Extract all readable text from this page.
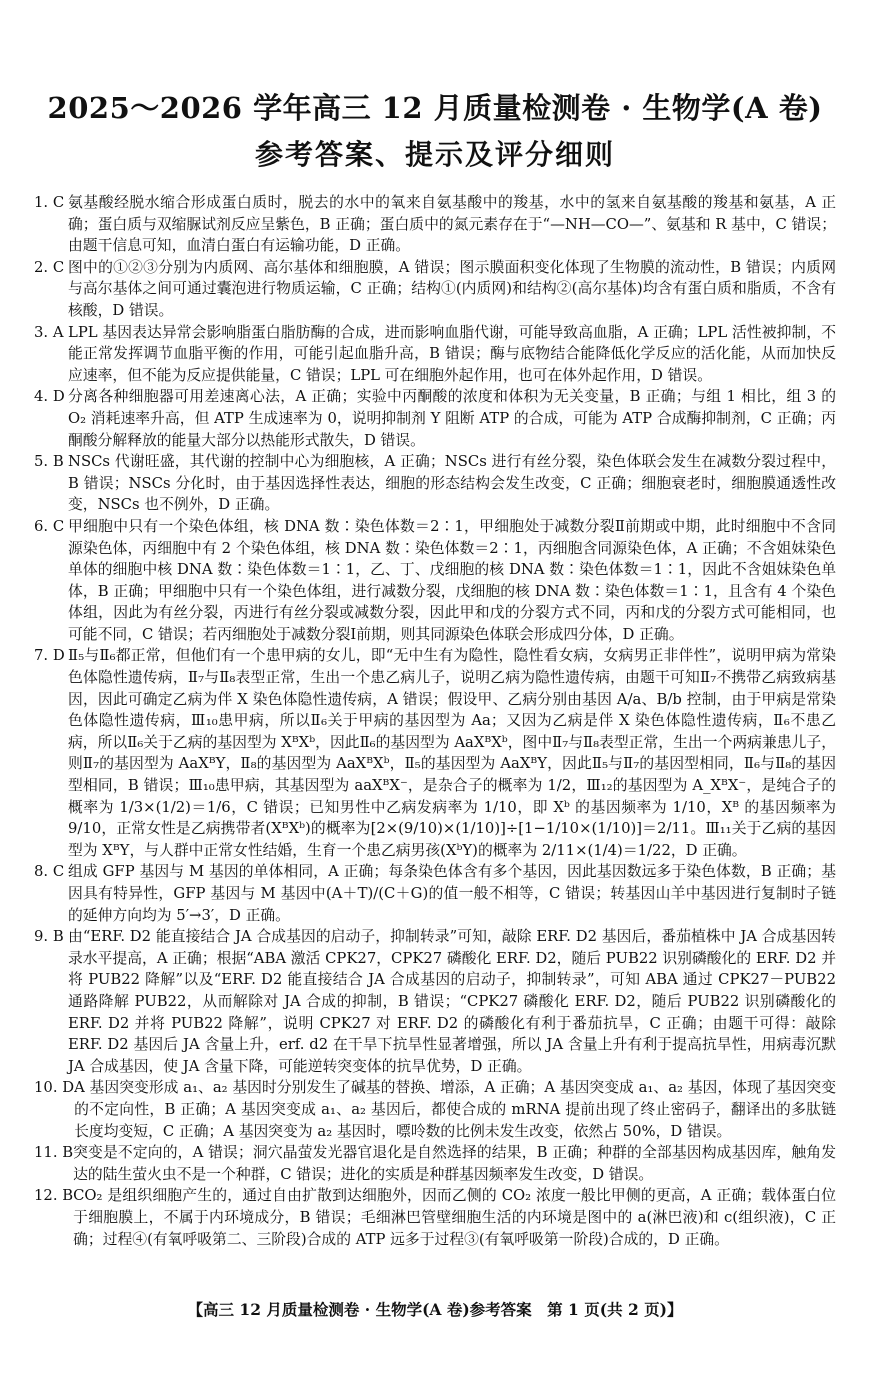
2025～2026 学年高三 12 月质量检测卷 · 生物学(A 卷)
参考答案、提示及评分细则
1. C 氨基酸经脱水缩合形成蛋白质时，脱去的水中的氧来自氨基酸中的羧基，水中的氢来自氨基酸的羧基和氨基，A 正确；蛋白质与双缩脲试剂反应呈紫色，B 正确；蛋白质中的氮元素存在于“—NH—CO—”、氨基和 R 基中，C 错误；由题干信息可知，血清白蛋白有运输功能，D 正确。
2. C 图中的①②③分别为内质网、高尔基体和细胞膜，A 错误；图示膜面积变化体现了生物膜的流动性，B 错误；内质网与高尔基体之间可通过囊泡进行物质运输，C 正确；结构①(内质网)和结构②(高尔基体)均含有蛋白质和脂质，不含有核酸，D 错误。
3. A LPL 基因表达异常会影响脂蛋白脂肪酶的合成，进而影响血脂代谢，可能导致高血脂，A 正确；LPL 活性被抑制，不能正常发挥调节血脂平衡的作用，可能引起血脂升高，B 错误；酶与底物结合能降低化学反应的活化能，从而加快反应速率，但不能为反应提供能量，C 错误；LPL 可在细胞外起作用，也可在体外起作用，D 错误。
4. D 分离各种细胞器可用差速离心法，A 正确；实验中丙酮酸的浓度和体积为无关变量，B 正确；与组 1 相比，组 3 的 O₂ 消耗速率升高，但 ATP 生成速率为 0，说明抑制剂 Y 阻断 ATP 的合成，可能为 ATP 合成酶抑制剂，C 正确；丙酮酸分解释放的能量大部分以热能形式散失，D 错误。
5. B NSCs 代谢旺盛，其代谢的控制中心为细胞核，A 正确；NSCs 进行有丝分裂，染色体联会发生在减数分裂过程中，B 错误；NSCs 分化时，由于基因选择性表达，细胞的形态结构会发生改变，C 正确；细胞衰老时，细胞膜通透性改变，NSCs 也不例外，D 正确。
6. C 甲细胞中只有一个染色体组，核 DNA 数∶染色体数＝2∶1，甲细胞处于减数分裂Ⅱ前期或中期，此时细胞中不含同源染色体，丙细胞中有 2 个染色体组，核 DNA 数∶染色体数＝2∶1，丙细胞含同源染色体，A 正确；不含姐妹染色单体的细胞中核 DNA 数∶染色体数＝1∶1，乙、丁、戊细胞的核 DNA 数∶染色体数＝1∶1，因此不含姐妹染色单体，B 正确；甲细胞中只有一个染色体组，进行减数分裂，戊细胞的核 DNA 数∶染色体数＝1∶1，且含有 4 个染色体组，因此为有丝分裂，丙进行有丝分裂或减数分裂，因此甲和戊的分裂方式不同，丙和戊的分裂方式可能相同，也可能不同，C 错误；若丙细胞处于减数分裂Ⅰ前期，则其同源染色体联会形成四分体，D 正确。
7. D Ⅱ₅与Ⅱ₆都正常，但他们有一个患甲病的女儿，即“无中生有为隐性，隐性看女病，女病男正非伴性”，说明甲病为常染色体隐性遗传病，Ⅱ₇与Ⅱ₈表型正常，生出一个患乙病儿子，说明乙病为隐性遗传病，由题干可知Ⅱ₇不携带乙病致病基因，因此可确定乙病为伴 X 染色体隐性遗传病，A 错误；假设甲、乙病分别由基因 A/a、B/b 控制，由于甲病是常染色体隐性遗传病，Ⅲ₁₀患甲病，所以Ⅱ₆关于甲病的基因型为 Aa；又因为乙病是伴 X 染色体隐性遗传病，Ⅱ₆不患乙病，所以Ⅱ₆关于乙病的基因型为 XᴮXᵇ，因此Ⅱ₆的基因型为 AaXᴮXᵇ，图中Ⅱ₇与Ⅱ₈表型正常，生出一个两病兼患儿子，则Ⅱ₇的基因型为 AaXᴮY，Ⅱ₈的基因型为 AaXᴮXᵇ，Ⅱ₅的基因型为 AaXᴮY，因此Ⅱ₅与Ⅱ₇的基因型相同，Ⅱ₆与Ⅱ₈的基因型相同，B 错误；Ⅲ₁₀患甲病，其基因型为 aaXᴮX⁻，是杂合子的概率为 1/2，Ⅲ₁₂的基因型为 A_XᴮX⁻，是纯合子的概率为 1/3×(1/2)＝1/6，C 错误；已知男性中乙病发病率为 1/10，即 Xᵇ 的基因频率为 1/10，Xᴮ 的基因频率为 9/10，正常女性是乙病携带者(XᴮXᵇ)的概率为[2×(9/10)×(1/10)]÷[1−1/10×(1/10)]＝2/11。Ⅲ₁₁关于乙病的基因型为 XᴮY，与人群中正常女性结婚，生育一个患乙病男孩(XᵇY)的概率为 2/11×(1/4)＝1/22，D 正确。
8. C 组成 GFP 基因与 M 基因的单体相同，A 正确；每条染色体含有多个基因，因此基因数远多于染色体数，B 正确；基因具有特异性，GFP 基因与 M 基因中(A＋T)/(C＋G)的值一般不相等，C 错误；转基因山羊中基因进行复制时子链的延伸方向均为 5′→3′，D 正确。
9. B 由“ERF. D2 能直接结合 JA 合成基因的启动子，抑制转录”可知，敲除 ERF. D2 基因后，番茄植株中 JA 合成基因转录水平提高，A 正确；根据“ABA 激活 CPK27，CPK27 磷酸化 ERF. D2，随后 PUB22 识别磷酸化的 ERF. D2 并将 PUB22 降解”以及“ERF. D2 能直接结合 JA 合成基因的启动子，抑制转录”，可知 ABA 通过 CPK27－PUB22 通路降解 PUB22，从而解除对 JA 合成的抑制，B 错误；“CPK27 磷酸化 ERF. D2，随后 PUB22 识别磷酸化的 ERF. D2 并将 PUB22 降解”，说明 CPK27 对 ERF. D2 的磷酸化有利于番茄抗旱，C 正确；由题干可得：敲除 ERF. D2 基因后 JA 含量上升，erf. d2 在干旱下抗旱性显著增强，所以 JA 含量上升有利于提高抗旱性，用病毒沉默 JA 合成基因，使 JA 含量下降，可能逆转突变体的抗旱优势，D 正确。
10. D A 基因突变形成 a₁、a₂ 基因时分别发生了碱基的替换、增添，A 正确；A 基因突变成 a₁、a₂ 基因，体现了基因突变的不定向性，B 正确；A 基因突变成 a₁、a₂ 基因后，都使合成的 mRNA 提前出现了终止密码子，翻译出的多肽链长度均变短，C 正确；A 基因突变为 a₂ 基因时，嘌呤数的比例未发生改变，依然占 50%，D 错误。
11. B 突变是不定向的，A 错误；洞穴晶萤发光器官退化是自然选择的结果，B 正确；种群的全部基因构成基因库，触角发达的陆生萤火虫不是一个种群，C 错误；进化的实质是种群基因频率发生改变，D 错误。
12. B CO₂ 是组织细胞产生的，通过自由扩散到达细胞外，因而乙侧的 CO₂ 浓度一般比甲侧的更高，A 正确；载体蛋白位于细胞膜上，不属于内环境成分，B 错误；毛细淋巴管壁细胞生活的内环境是图中的 a(淋巴液)和 c(组织液)，C 正确；过程④(有氧呼吸第二、三阶段)合成的 ATP 远多于过程③(有氧呼吸第一阶段)合成的，D 正确。
【高三 12 月质量检测卷 · 生物学(A 卷)参考答案　第 1 页(共 2 页)】
